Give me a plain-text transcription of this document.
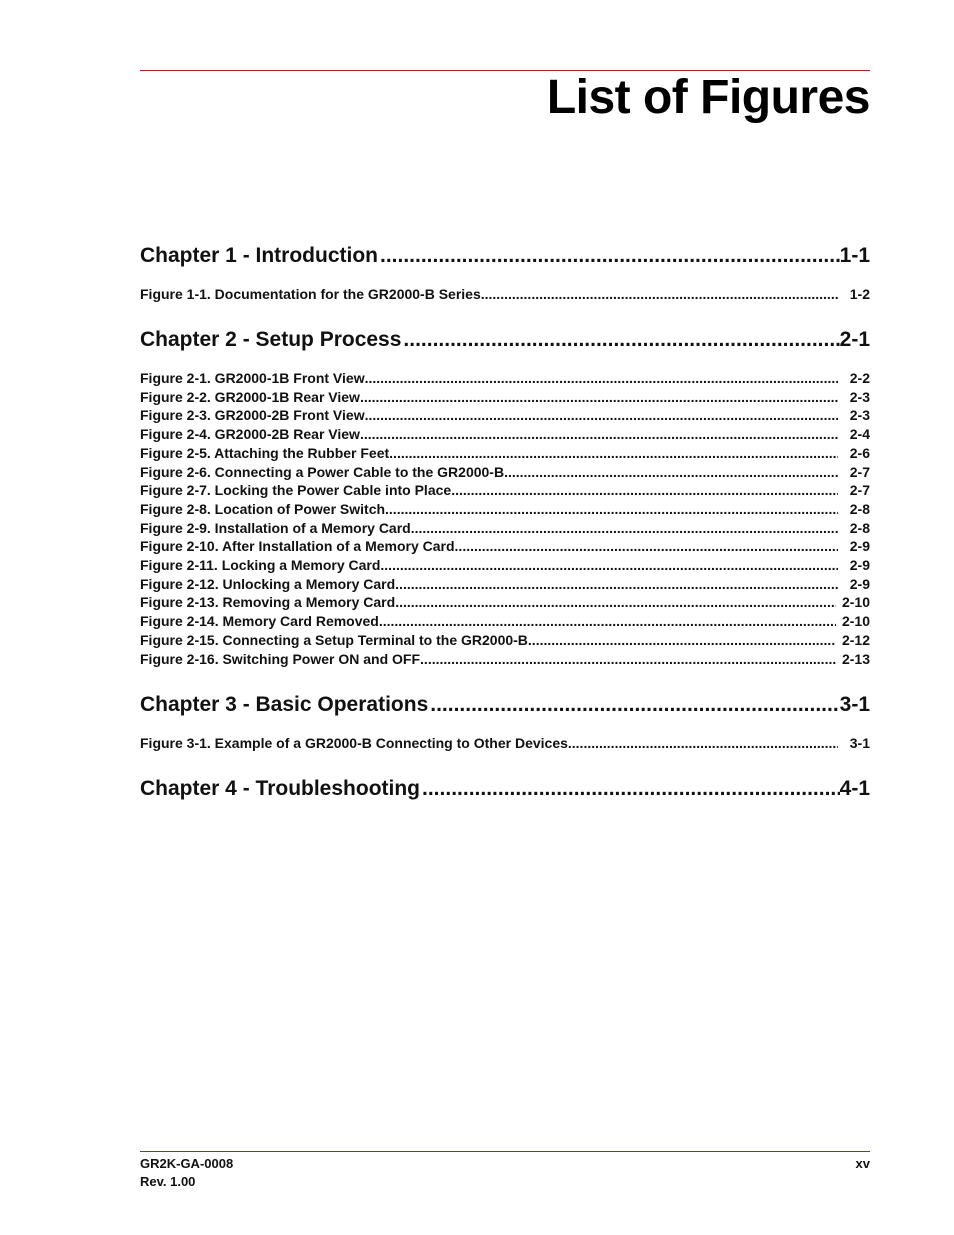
List of Figures
Chapter 1 - Introduction .....	1-1
Figure 1-1. Documentation for the GR2000-B Series .....	1-2
Chapter 2 - Setup Process .....	2-1
Figure 2-1. GR2000-1B Front View .....	2-2
Figure 2-2. GR2000-1B Rear View .....	2-3
Figure 2-3. GR2000-2B Front View .....	2-3
Figure 2-4. GR2000-2B Rear View .....	2-4
Figure 2-5. Attaching the Rubber Feet .....	2-6
Figure 2-6. Connecting a Power Cable to the GR2000-B .....	2-7
Figure 2-7. Locking the Power Cable into Place .....	2-7
Figure 2-8. Location of Power Switch .....	2-8
Figure 2-9. Installation of a Memory Card .....	2-8
Figure 2-10. After Installation of a Memory Card .....	2-9
Figure 2-11. Locking a Memory Card .....	2-9
Figure 2-12. Unlocking a Memory Card .....	2-9
Figure 2-13. Removing a Memory Card .....	2-10
Figure 2-14. Memory Card Removed. .....	2-10
Figure 2-15. Connecting a Setup Terminal to the GR2000-B .....	2-12
Figure 2-16. Switching Power ON and OFF .....	2-13
Chapter 3 - Basic Operations .....	3-1
Figure 3-1. Example of a GR2000-B Connecting to Other Devices .....	3-1
Chapter 4 - Troubleshooting .....	4-1
GR2K-GA-0008
Rev. 1.00
xv
